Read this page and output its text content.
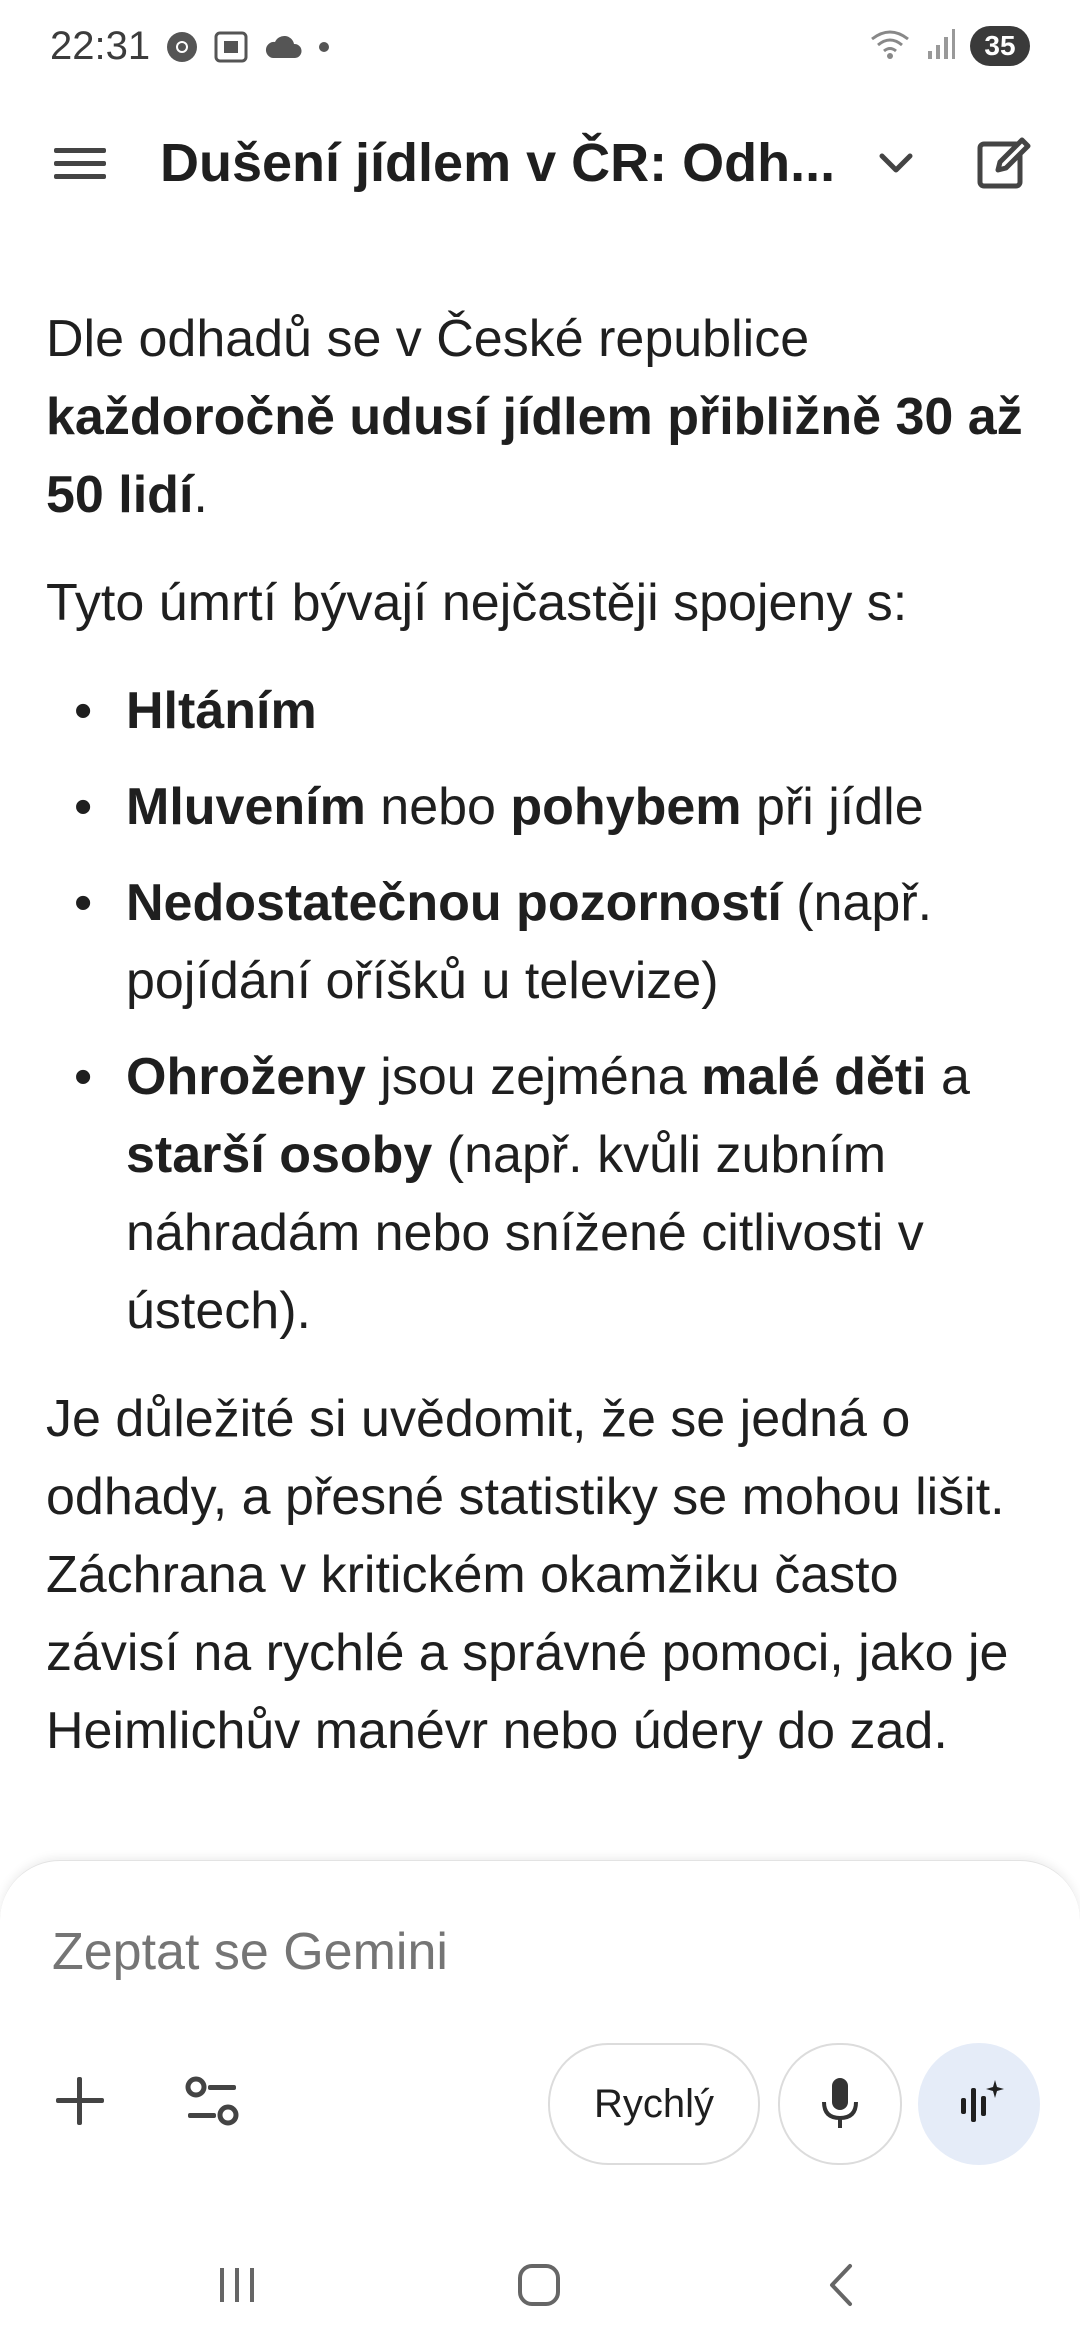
22:31	35
Dušení jídlem v ČR: Odh...

Dle odhadů se v České republice každoročně udusí jídlem přibližně 30 až 50 lidí.

Tyto úmrtí bývají nejčastěji spojeny s:

• Hltáním
• Mluvením nebo pohybem při jídle
• Nedostatečnou pozorností (např. pojídání oříšků u televize)
• Ohroženy jsou zejména malé děti a starší osoby (např. kvůli zubním náhradám nebo snížené citlivosti v ústech).

Je důležité si uvědomit, že se jedná o odhady, a přesné statistiky se mohou lišit. Záchrana v kritickém okamžiku často závisí na rychlé a správné pomoci, jako je Heimlichův manévr nebo údery do zad.

Zeptat se Gemini
Rychlý
